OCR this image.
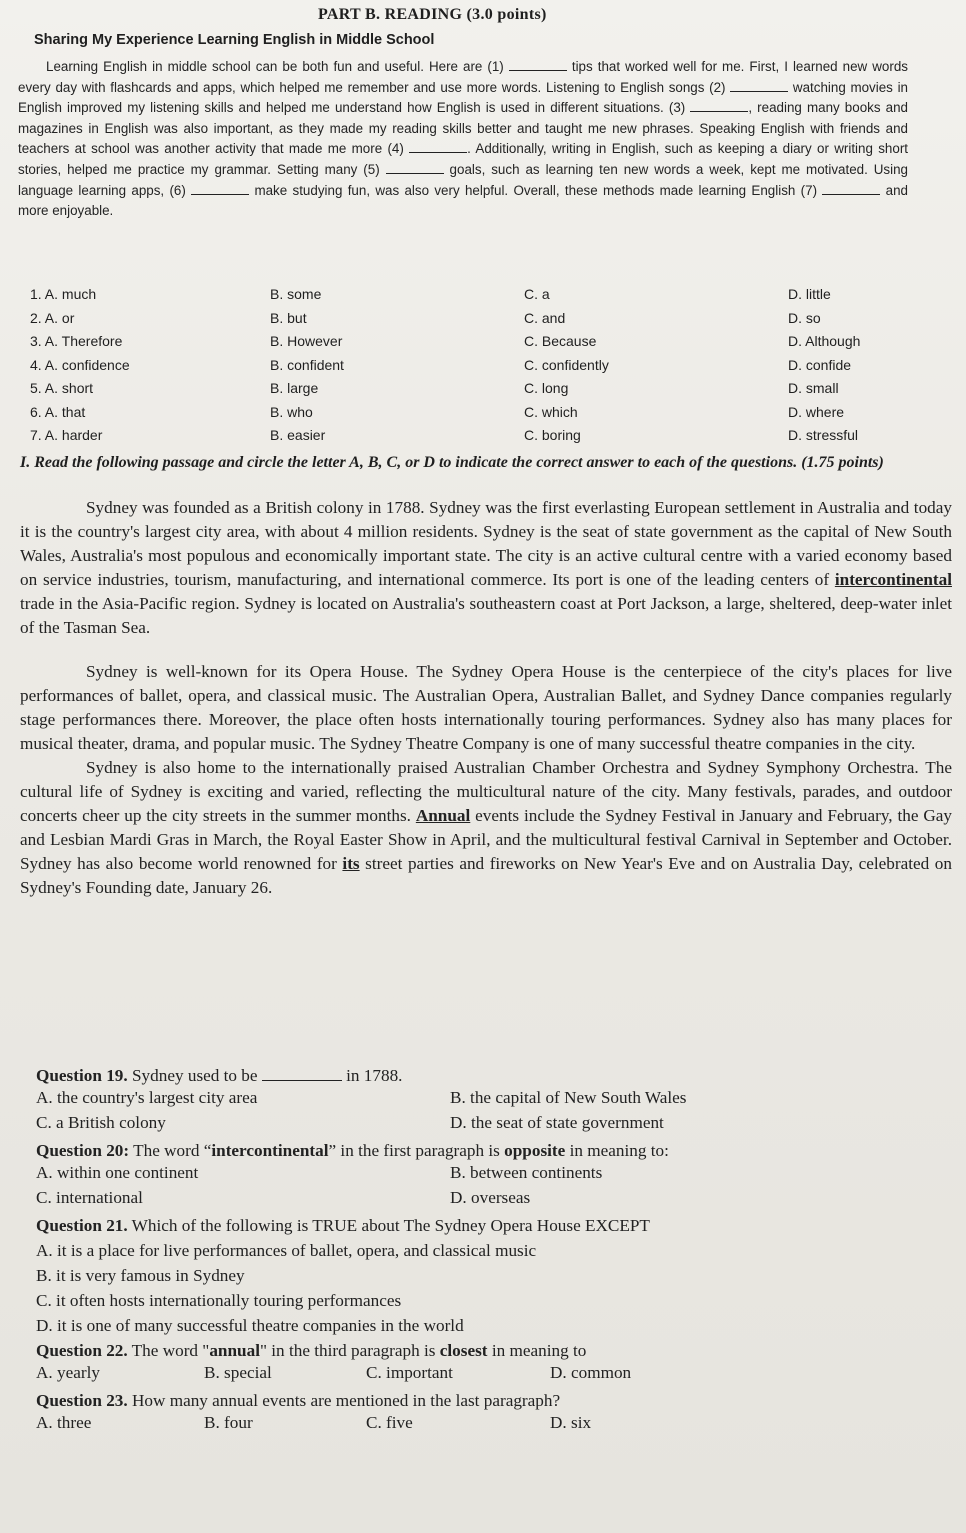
PART B. READING (3.0 points)
Sharing My Experience Learning English in Middle School

Learning English in middle school can be both fun and useful. Here are (1)	tips that worked well for me. First, I learned new words every day with flashcards and apps, which helped me remember and use more words. Listening to English songs (2)	watching movies in English improved my listening skills and helped me understand how English is used in different situations. (3)	, reading many books and magazines in English was also important, as they made my reading skills better and taught me new phrases. Speaking English with friends and teachers at school was another activity that made me more (4)	. Additionally, writing in English, such as keeping a diary or writing short stories, helped me practice my grammar. Setting many (5)	goals, such as learning ten new words a week, kept me motivated. Using language learning apps, (6)	make studying fun, was also very helpful. Overall, these methods made learning English (7)	and more enjoyable.

1. A. much	B. some	C. a	D. little
2. A. or	B. but	C. and	D. so
3. A. Therefore	B. However	C. Because	D. Although
4. A. confidence	B. confident	C. confidently	D. confide
5. A. short	B. large	C. long	D. small
6. A. that	B. who	C. which	D. where
7. A. harder	B. easier	C. boring	D. stressful
I. Read the following passage and circle the letter A, B, C, or D to indicate the correct answer to each of the questions. (1.75 points)

Sydney was founded as a British colony in 1788. Sydney was the first everlasting European settlement in Australia and today it is the country's largest city area, with about 4 million residents. Sydney is the seat of state government as the capital of New South Wales, Australia's most populous and economically important state. The city is an active cultural centre with a varied economy based on service industries, tourism, manufacturing, and international commerce. Its port is one of the leading centers of intercontinental trade in the Asia-Pacific region. Sydney is located on Australia's southeastern coast at Port Jackson, a large, sheltered, deep-water inlet of the Tasman Sea.

Sydney is well-known for its Opera House. The Sydney Opera House is the centerpiece of the city's places for live performances of ballet, opera, and classical music. The Australian Opera, Australian Ballet, and Sydney Dance companies regularly stage performances there. Moreover, the place often hosts internationally touring performances. Sydney also has many places for musical theater, drama, and popular music. The Sydney Theatre Company is one of many successful theatre companies in the city.

Sydney is also home to the internationally praised Australian Chamber Orchestra and Sydney Symphony Orchestra. The cultural life of Sydney is exciting and varied, reflecting the multicultural nature of the city. Many festivals, parades, and outdoor concerts cheer up the city streets in the summer months. Annual events include the Sydney Festival in January and February, the Gay and Lesbian Mardi Gras in March, the Royal Easter Show in April, and the multicultural festival Carnival in September and October. Sydney has also become world renowned for its street parties and fireworks on New Year's Eve and on Australia Day, celebrated on Sydney's Founding date, January 26.

Question 19. Sydney used to be	in 1788.

A. the country's largest city area	B. the capital of New South Wales
C. a British colony	D. the seat of state government

Question 20: The word “intercontinental” in the first paragraph is opposite in meaning to:

A. within one continent	B. between continents
C. international	D. overseas

Question 21. Which of the following is TRUE about The Sydney Opera House EXCEPT

A. it is a place for live performances of ballet, opera, and classical music

B. it is very famous in Sydney

C. it often hosts internationally touring performances

D. it is one of many successful theatre companies in the world

Question 22. The word "annual" in the third paragraph is closest in meaning to

A. yearly	B. special	C. important	D. common

Question 23. How many annual events are mentioned in the last paragraph?

A. three	B. four	C. five	D. six
